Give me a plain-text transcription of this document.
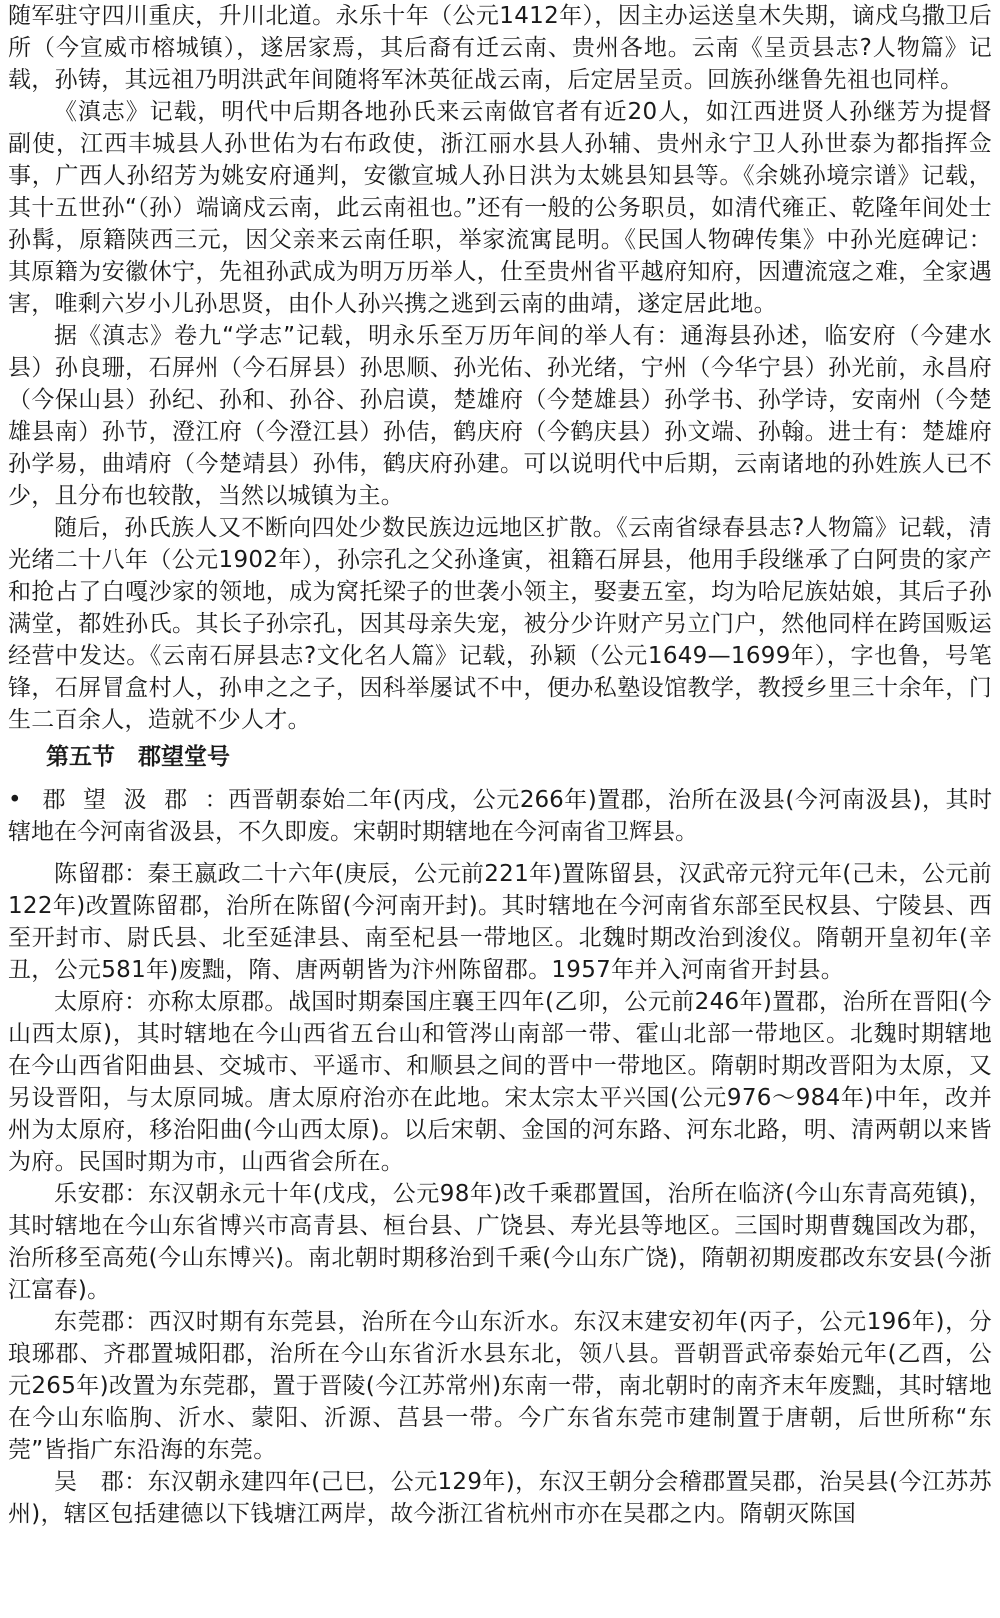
随军驻守四川重庆，升川北道。永乐十年（公元1412年），因主办运送皇木失期，谪戍乌撒卫后所（今宣威市榕城镇），遂居家焉，其后裔有迁云南、贵州各地。云南《呈贡县志?人物篇》记载，孙铸，其远祖乃明洪武年间随将军沐英征战云南，后定居呈贡。回族孙继鲁先祖也同样。

《滇志》记载，明代中后期各地孙氏来云南做官者有近20人，如江西进贤人孙继芳为提督副使，江西丰城县人孙世佑为右布政使，浙江丽水县人孙辅、贵州永宁卫人孙世泰为都指挥佥事，广西人孙绍芳为姚安府通判，安徽宣城人孙日洪为太姚县知县等。《余姚孙境宗谱》记载，其十五世孙“（孙）端谪戍云南，此云南祖也。”还有一般的公务职员，如清代雍正、乾隆年间处士孙髯，原籍陕西三元，因父亲来云南任职，举家流寓昆明。《民国人物碑传集》中孙光庭碑记：其原籍为安徽休宁，先祖孙武成为明万历举人，仕至贵州省平越府知府，因遭流寇之难，全家遇害，唯剩六岁小儿孙思贤，由仆人孙兴携之逃到云南的曲靖，遂定居此地。

据《滇志》卷九“学志”记载，明永乐至万历年间的举人有：通海县孙述，临安府（今建水县）孙良珊，石屏州（今石屏县）孙思顺、孙光佑、孙光绪，宁州（今华宁县）孙光前，永昌府（今保山县）孙纪、孙和、孙谷、孙启谟，楚雄府（今楚雄县）孙学书、孙学诗，安南州（今楚雄县南）孙节，澄江府（今澄江县）孙佶，鹤庆府（今鹤庆县）孙文端、孙翰。进士有：楚雄府孙学易，曲靖府（今楚靖县）孙伟，鹤庆府孙建。可以说明代中后期，云南诸地的孙姓族人已不少，且分布也较散，当然以城镇为主。

随后，孙氏族人又不断向四处少数民族边远地区扩散。《云南省绿春县志?人物篇》记载，清光绪二十八年（公元1902年），孙宗孔之父孙逢寅，祖籍石屏县，他用手段继承了白阿贵的家产和抢占了白嘎沙家的领地，成为窝托梁子的世袭小领主，娶妻五室，均为哈尼族姑娘，其后子孙满堂，都姓孙氏。其长子孙宗孔，因其母亲失宠，被分少许财产另立门户，然他同样在跨国贩运经营中发达。《云南石屏县志?文化名人篇》记载，孙颖（公元1649—1699年），字也鲁，号笔锋，石屏冒盒村人，孙申之之子，因科举屡试不中，便办私塾设馆教学，教授乡里三十余年，门生二百余人，造就不少人才。

第五节　郡望堂号

• 郡望汲郡：西晋朝泰始二年(丙戌，公元266年)置郡，治所在汲县(今河南汲县)，其时辖地在今河南省汲县，不久即废。宋朝时期辖地在今河南省卫辉县。

陈留郡：秦王嬴政二十六年(庚辰，公元前221年)置陈留县，汉武帝元狩元年(己未，公元前122年)改置陈留郡，治所在陈留(今河南开封)。其时辖地在今河南省东部至民权县、宁陵县、西至开封市、尉氏县、北至延津县、南至杞县一带地区。北魏时期改治到浚仪。隋朝开皇初年(辛丑，公元581年)废黜，隋、唐两朝皆为汴州陈留郡。1957年并入河南省开封县。

太原府：亦称太原郡。战国时期秦国庄襄王四年(乙卯，公元前246年)置郡，治所在晋阳(今山西太原)，其时辖地在今山西省五台山和管涔山南部一带、霍山北部一带地区。北魏时期辖地在今山西省阳曲县、交城市、平遥市、和顺县之间的晋中一带地区。隋朝时期改晋阳为太原，又另设晋阳，与太原同城。唐太原府治亦在此地。宋太宗太平兴国(公元976～984年)中年，改并州为太原府，移治阳曲(今山西太原)。以后宋朝、金国的河东路、河东北路，明、清两朝以来皆为府。民国时期为市，山西省会所在。

乐安郡：东汉朝永元十年(戊戌，公元98年)改千乘郡置国，治所在临济(今山东青高苑镇)，其时辖地在今山东省博兴市高青县、桓台县、广饶县、寿光县等地区。三国时期曹魏国改为郡，治所移至高苑(今山东博兴)。南北朝时期移治到千乘(今山东广饶)，隋朝初期废郡改东安县(今浙江富春)。

东莞郡：西汉时期有东莞县，治所在今山东沂水。东汉末建安初年(丙子，公元196年)，分琅琊郡、齐郡置城阳郡，治所在今山东省沂水县东北，领八县。晋朝晋武帝泰始元年(乙酉，公元265年)改置为东莞郡，置于晋陵(今江苏常州)东南一带，南北朝时的南齐末年废黜，其时辖地在今山东临朐、沂水、蒙阳、沂源、莒县一带。今广东省东莞市建制置于唐朝，后世所称“东莞”皆指广东沿海的东莞。

吴　郡：东汉朝永建四年(己巳，公元129年)，东汉王朝分会稽郡置吴郡，治吴县(今江苏苏州)，辖区包括建德以下钱塘江两岸，故今浙江省杭州市亦在吴郡之内。隋朝灭陈国
